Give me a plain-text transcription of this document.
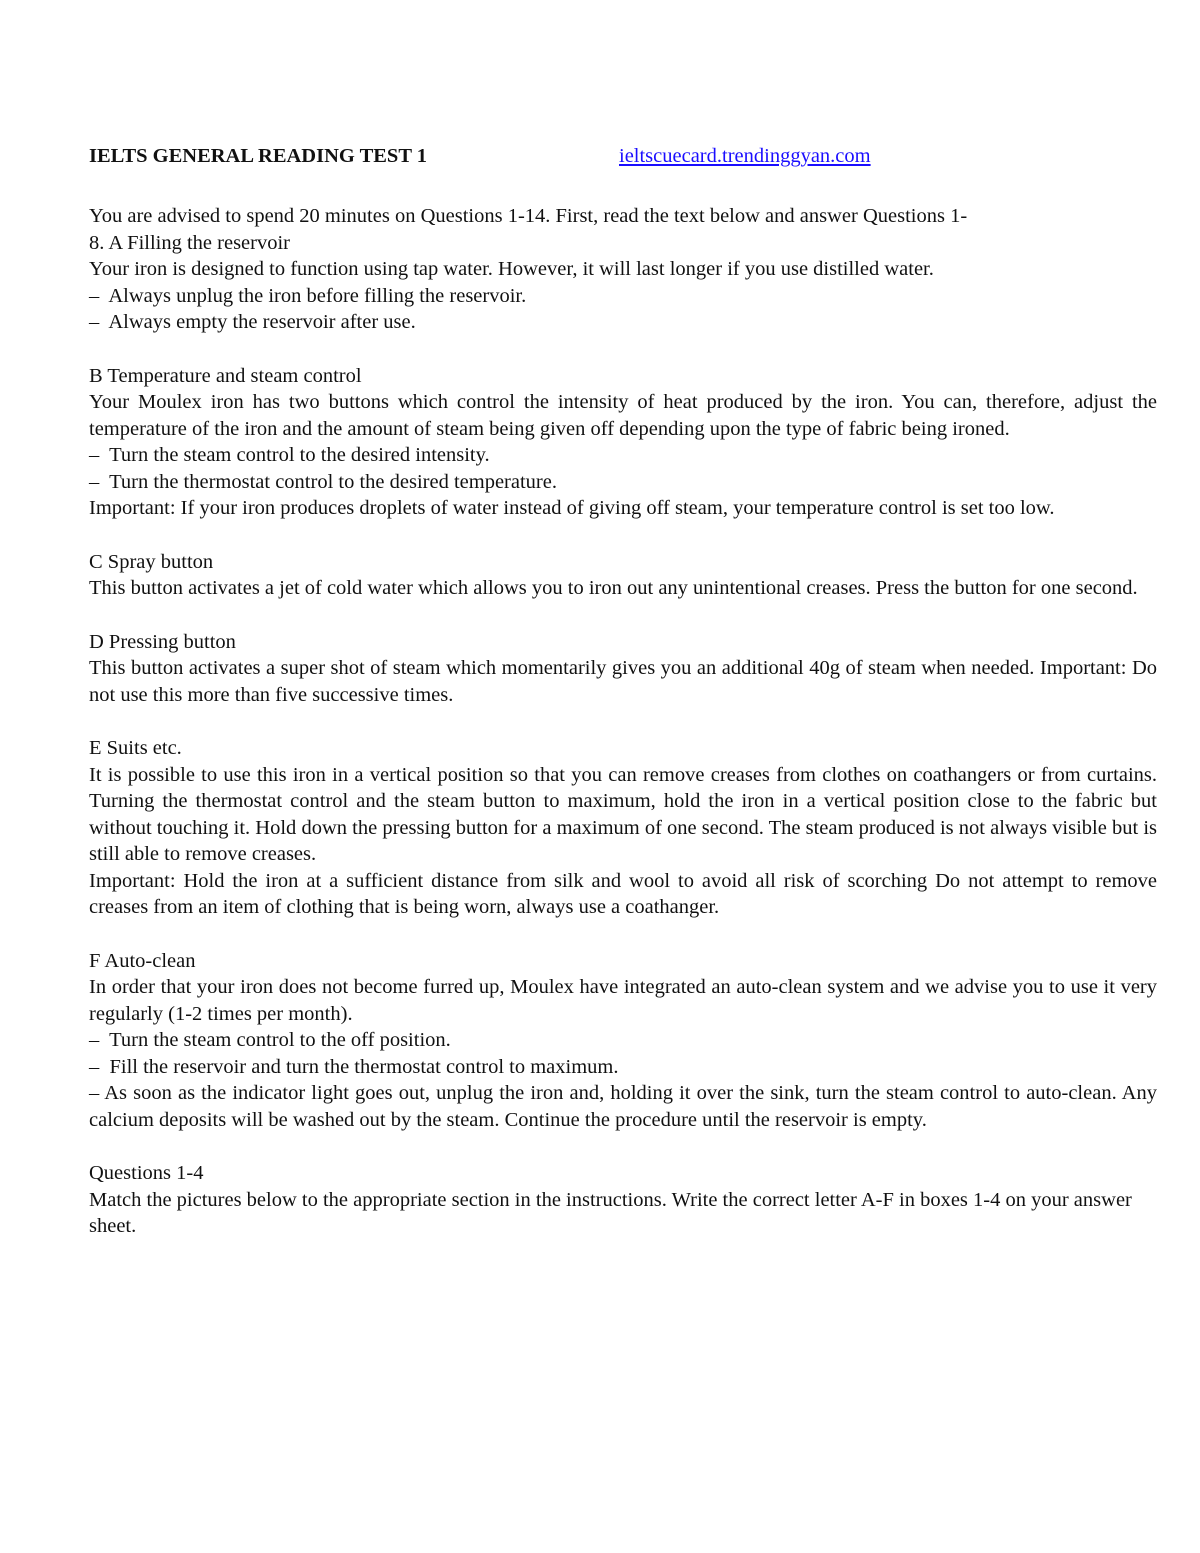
IELTS GENERAL READING TEST 1	ieltscuecard.trendinggyan.com

You are advised to spend 20 minutes on Questions 1-14. First, read the text below and answer Questions 1-

8. A Filling the reservoir

Your iron is designed to function using tap water. However, it will last longer if you use distilled water.

–  Always unplug the iron before filling the reservoir.

–  Always empty the reservoir after use.

B Temperature and steam control

Your Moulex iron has two buttons which control the intensity of heat produced by the iron. You can, therefore, adjust the temperature of the iron and the amount of steam being given off depending upon the type of fabric being ironed.

–  Turn the steam control to the desired intensity.

–  Turn the thermostat control to the desired temperature.

Important: If your iron produces droplets of water instead of giving off steam, your temperature control is set too low.

C Spray button

This button activates a jet of cold water which allows you to iron out any unintentional creases. Press the button for one second.

D Pressing button

This button activates a super shot of steam which momentarily gives you an additional 40g of steam when needed. Important: Do not use this more than five successive times.

E Suits etc.

It is possible to use this iron in a vertical position so that you can remove creases from clothes on coathangers or from curtains. Turning the thermostat control and the steam button to maximum, hold the iron in a vertical position close to the fabric but without touching it. Hold down the pressing button for a maximum of one second. The steam produced is not always visible but is still able to remove creases.

Important: Hold the iron at a sufficient distance from silk and wool to avoid all risk of scorching Do not attempt to remove creases from an item of clothing that is being worn, always use a coathanger.

F Auto-clean

In order that your iron does not become furred up, Moulex have integrated an auto-clean system and we advise you to use it very regularly (1-2 times per month).

–  Turn the steam control to the off position.

–  Fill the reservoir and turn the thermostat control to maximum.

– As soon as the indicator light goes out, unplug the iron and, holding it over the sink, turn the steam control to auto-clean. Any calcium deposits will be washed out by the steam. Continue the procedure until the reservoir is empty.

Questions 1-4

Match the pictures below to the appropriate section in the instructions. Write the correct letter A-F in boxes 1-4 on your answer sheet.
